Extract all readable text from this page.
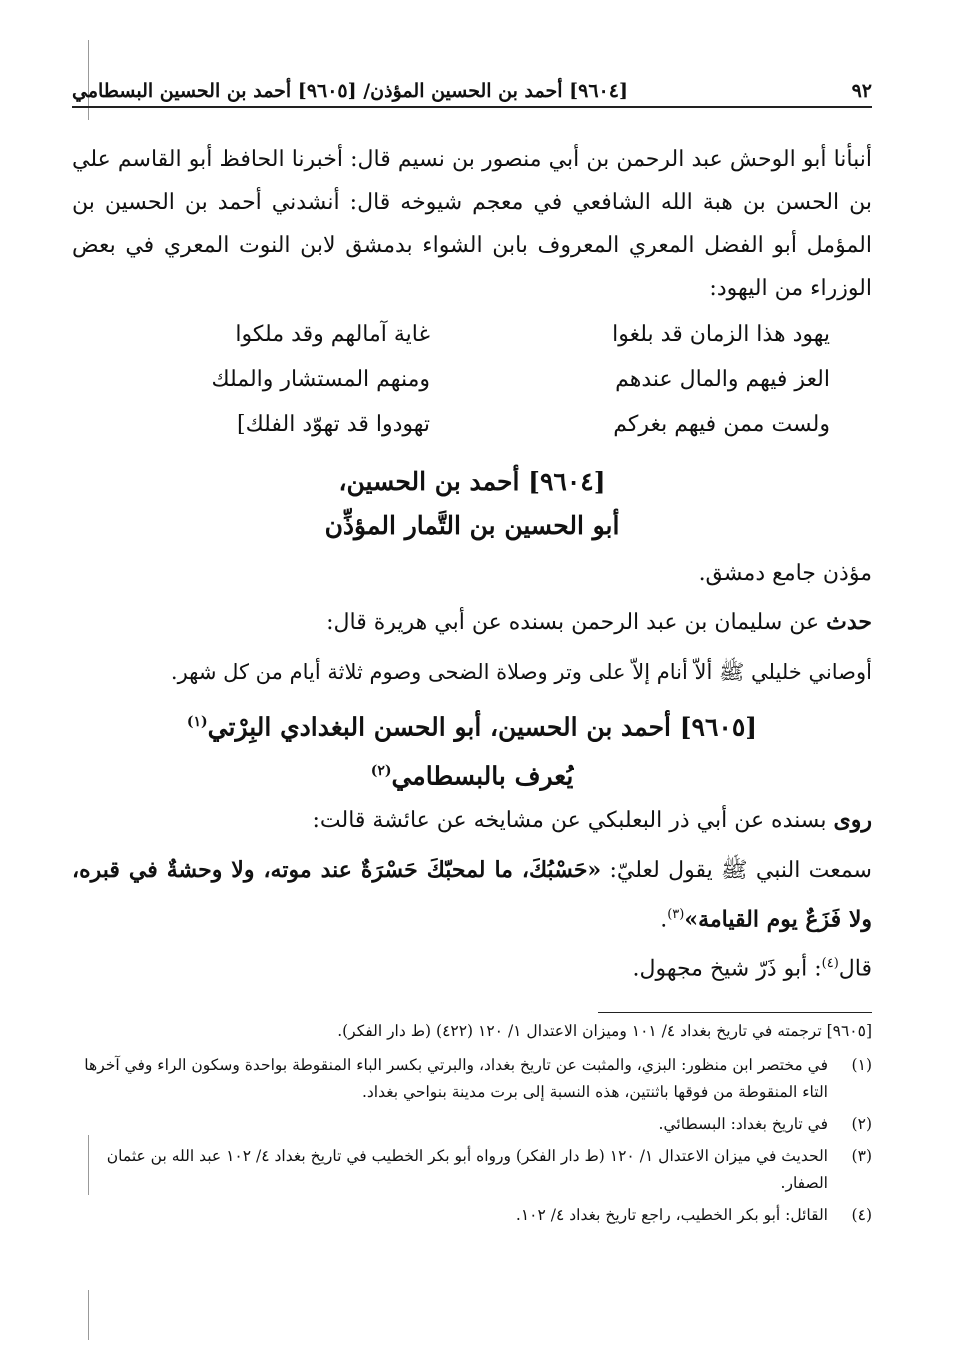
[٩٦٠٤] أحمد بن الحسين المؤذن/ [٩٦٠٥] أحمد بن الحسين البسطامي	٩٢

أنبأنا أبو الوحش عبد الرحمن بن أبي منصور بن نسيم قال: أخبرنا الحافظ أبو القاسم علي بن الحسن بن هبة الله الشافعي في معجم شيوخه قال: أنشدني أحمد بن الحسين بن المؤمل أبو الفضل المعري المعروف بابن الشواء بدمشق لابن النوت المعري في بعض الوزراء من اليهود:

يهود هذا الزمان قد بلغوا
غاية آمالهم وقد ملكوا
العز فيهم والمال عندهم
ومنهم المستشار والملك
ولست ممن فيهم بغركم
تهودوا قد تهوّد الفلك]
[٩٦٠٤] أحمد بن الحسين،
أبو الحسين بن التَّمار المؤذِّن
مؤذن جامع دمشق.
حدث عن سليمان بن عبد الرحمن بسنده عن أبي هريرة قال:
أوصاني خليلي ﷺ ألاّ أنام إلاّ على وتر وصلاة الضحى وصوم ثلاثة أيام من كل شهر.
[٩٦٠٥] أحمد بن الحسين، أبو الحسن البغدادي البِرْتي$^{(١)}$
يُعرف بالبسطامي$^{(٢)}$
روى بسنده عن أبي ذر البعلبكي عن مشايخه عن عائشة قالت:
سمعت النبي ﷺ يقول لعليّ: «حَسْبُكَ، ما لمحبّكَ حَسْرَةٌ عند موته، ولا وحشةٌ في قبره، ولا فَزَعٌ يوم القيامة»$^{(٣)}$.
قال$^{(٤)}$: أبو ذَرّ شيخ مجهول.

[٩٦٠٥] ترجمته في تاريخ بغداد ٤/ ١٠١ وميزان الاعتدال ١/ ١٢٠ (٤٢٢) (ط دار الفكر).

(١)
في مختصر ابن منظور: البزي، والمثبت عن تاريخ بغداد، والبرتي بكسر الباء المنقوطة بواحدة وسكون الراء وفي آخرها التاء المنقوطة من فوقها باثنتين، هذه النسبة إلى برت مدينة بنواحي بغداد.
(٢)
في تاريخ بغداد: البسطائي.
(٣)
الحديث في ميزان الاعتدال ١/ ١٢٠ (ط دار الفكر) ورواه أبو بكر الخطيب في تاريخ بغداد ٤/ ١٠٢ عبد الله بن عثمان الصفار.
(٤)
القائل: أبو بكر الخطيب، راجع تاريخ بغداد ٤/ ١٠٢.
